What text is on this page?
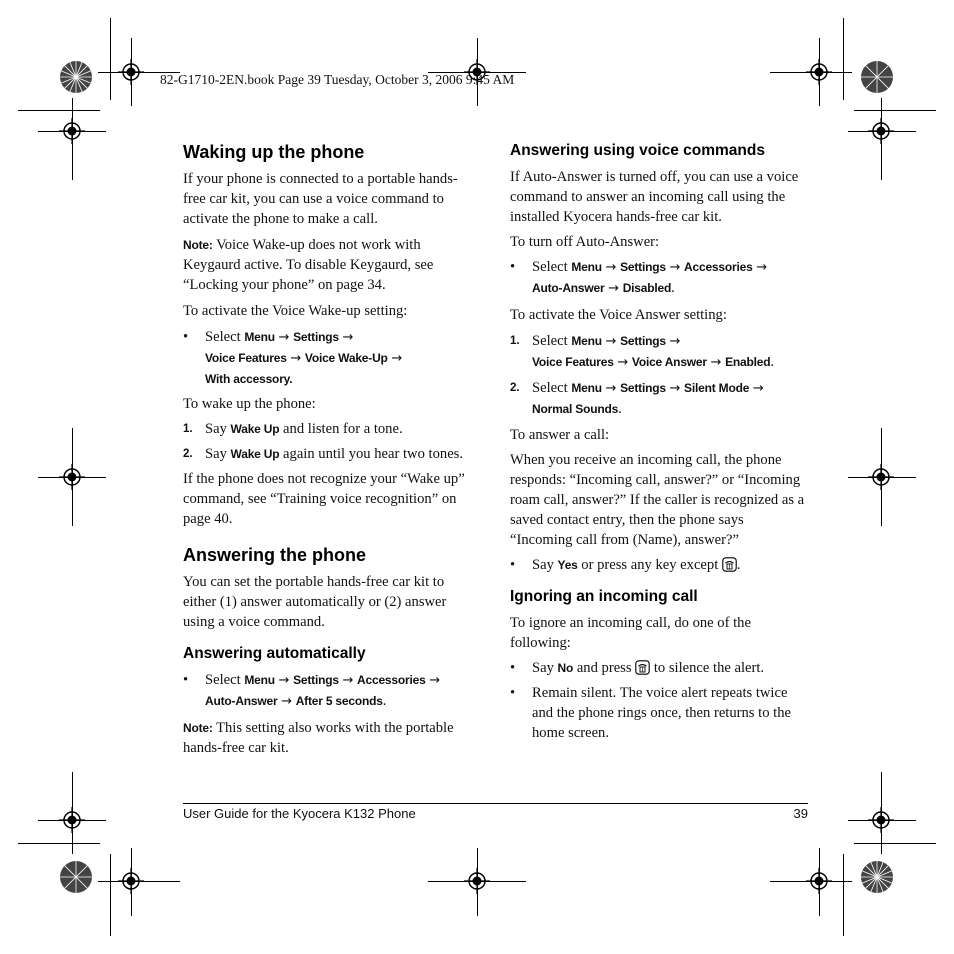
82-G1710-2EN.book Page 39 Tuesday, October 3, 2006 9:45 AM
Waking up the phone

If your phone is connected to a portable hands-free car kit, you can use a voice command to activate the phone to make a call.

Note: Voice Wake-up does not work with Keygaurd active. To disable Keygaurd, see “Locking your phone” on page 34.

To activate the Voice Wake-up setting:

• Select Menu → Settings →
Voice Features → Voice Wake-Up →
With accessory.

To wake up the phone:

1. Say Wake Up and listen for a tone.
2. Say Wake Up again until you hear two tones.

If the phone does not recognize your “Wake up” command, see “Training voice recognition” on page 40.

Answering the phone

You can set the portable hands-free car kit to either (1) answer automatically or (2) answer using a voice command.

Answering automatically
• Select Menu → Settings → Accessories →
Auto-Answer → After 5 seconds.

Note: This setting also works with the portable hands-free car kit.

Answering using voice commands

If Auto-Answer is turned off, you can use a voice command to answer an incoming call using the installed Kyocera hands-free car kit.

To turn off Auto-Answer:

• Select Menu → Settings → Accessories →
Auto-Answer → Disabled.

To activate the Voice Answer setting:

1. Select Menu → Settings →
Voice Features → Voice Answer → Enabled.
2. Select Menu → Settings → Silent Mode →
Normal Sounds.

To answer a call:

When you receive an incoming call, the phone responds: “Incoming call, answer?” or “Incoming roam call, answer?” If the caller is recognized as a saved contact entry, then the phone says “Incoming call from (Name), answer?”

• Say Yes or press any key except .
Ignoring an incoming call

To ignore an incoming call, do one of the following:

• Say No and press to silence the alert.
• Remain silent. The voice alert repeats twice and the phone rings once, then returns to the home screen.
User Guide for the Kyocera K132 Phone	39
